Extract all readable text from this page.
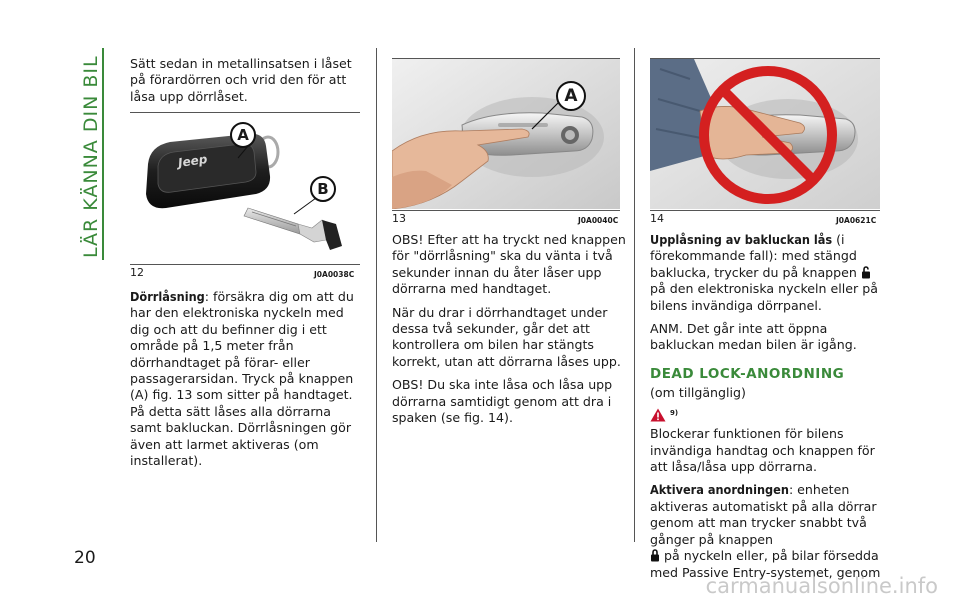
LÄR KÄNNA DIN BIL
20

Sätt sedan in metallinsatsen i låset på förardörren och vrid den för att låsa upp dörrlåset.

Jeep
A
B
12	J0A0038C

Dörrlåsning: försäkra dig om att du har den elektroniska nyckeln med dig och att du befinner dig i ett område på 1,5 meter från dörrhandtaget på förar- eller passagerarsidan. Tryck på knappen (A) fig. 13 som sitter på handtaget. På detta sätt låses alla dörrarna samt bakluckan. Dörrlåsningen gör även att larmet aktiveras (om installerat).

A
13	J0A0040C

OBS! Efter att ha tryckt ned knappen för "dörrlåsning" ska du vänta i två sekunder innan du åter låser upp dörrarna med handtaget.

När du drar i dörrhandtaget under dessa två sekunder, går det att kontrollera om bilen har stängts korrekt, utan att dörrarna låses upp.

OBS! Du ska inte låsa och låsa upp dörrarna samtidigt genom att dra i spaken (se fig. 14).

14	J0A0621C

Upplåsning av bakluckan lås (i förekommande fall): med stängd baklucka, trycker du på knappen  på den elektroniska nyckeln eller på bilens invändiga dörrpanel.

ANM. Det går inte att öppna bakluckan medan bilen är igång.

DEAD LOCK-ANORDNING

(om tillgänglig)

$^{9)}$

Blockerar funktionen för bilens invändiga handtag och knappen för att låsa/låsa upp dörrarna.

Aktivera anordningen: enheten aktiveras automatiskt på alla dörrar genom att man trycker snabbt två gånger på knappen
på nyckeln eller, på bilar försedda med Passive Entry-systemet, genom

carmanualsonline.info
